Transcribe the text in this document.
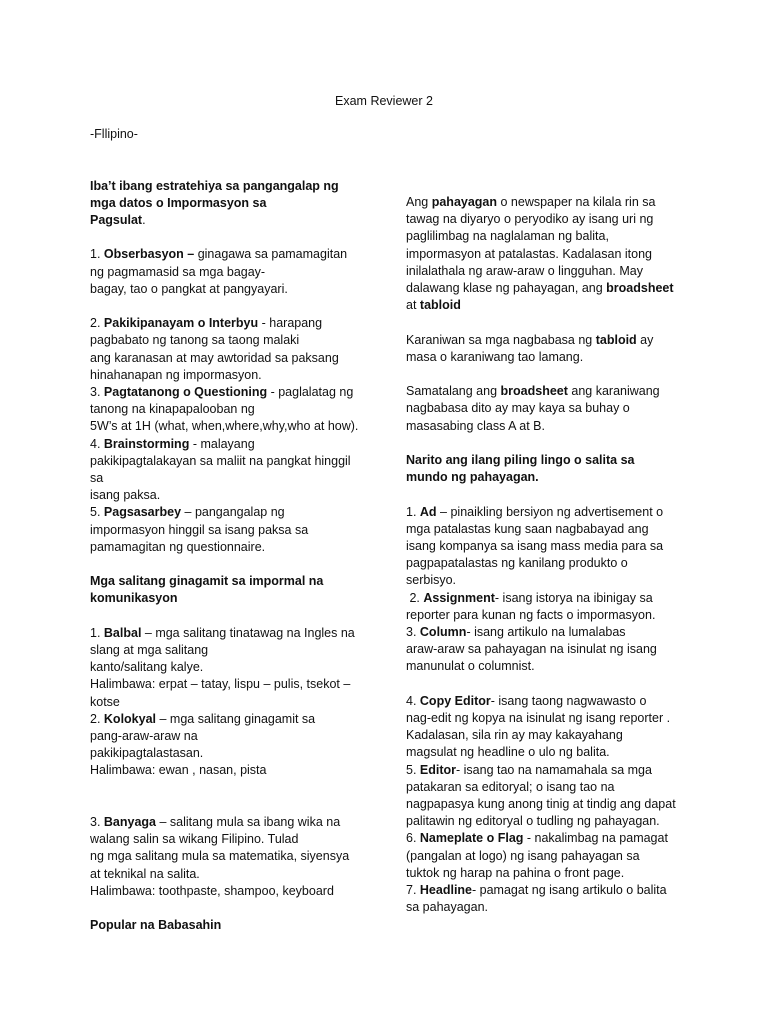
Exam Reviewer 2

-Fllipino-

Iba’t ibang estratehiya sa pangangalap ng

mga datos o Impormasyon sa

Pagsulat.

1. Obserbasyon – ginagawa sa pamamagitan

ng pagmamasid sa mga bagay-

bagay, tao o pangkat at pangyayari.

2. Pakikipanayam o Interbyu - harapang

pagbabato ng tanong sa taong malaki

ang karanasan at may awtoridad sa paksang

hinahanapan ng impormasyon.

3. Pagtatanong o Questioning - paglalatag ng

tanong na kinapapalooban ng

5W’s at 1H (what, when,where,why,who at how).

4. Brainstorming - malayang

pakikipagtalakayan sa maliit na pangkat hinggil

sa

isang paksa.

5. Pagsasarbey – pangangalap ng

impormasyon hinggil sa isang paksa sa

pamamagitan ng questionnaire.

Mga salitang ginagamit sa impormal na

komunikasyon

1. Balbal – mga salitang tinatawag na Ingles na

slang at mga salitang

kanto/salitang kalye.

Halimbawa: erpat – tatay, lispu – pulis, tsekot –

kotse

2. Kolokyal – mga salitang ginagamit sa

pang-araw-araw na

pakikipagtalastasan.

Halimbawa: ewan , nasan, pista

3. Banyaga – salitang mula sa ibang wika na

walang salin sa wikang Filipino. Tulad

ng mga salitang mula sa matematika, siyensya

at teknikal na salita.

Halimbawa: toothpaste, shampoo, keyboard

Popular na Babasahin

Ang pahayagan o newspaper na kilala rin sa

tawag na diyaryo o peryodiko ay isang uri ng

paglilimbag na naglalaman ng balita,

impormasyon at patalastas. Kadalasan itong

inilalathala ng araw-araw o lingguhan. May

dalawang klase ng pahayagan, ang broadsheet

at tabloid

Karaniwan sa mga nagbabasa ng tabloid ay

masa o karaniwang tao lamang.

Samatalang ang broadsheet ang karaniwang

nagbabasa dito ay may kaya sa buhay o

masasabing class A at B.

Narito ang ilang piling lingo o salita sa

mundo ng pahayagan.

1. Ad – pinaikling bersiyon ng advertisement o

mga patalastas kung saan nagbabayad ang

isang kompanya sa isang mass media para sa

pagpapatalastas ng kanilang produkto o

serbisyo.

2. Assignment- isang istorya na ibinigay sa

reporter para kunan ng facts o impormasyon.

3. Column- isang artikulo na lumalabas

araw-araw sa pahayagan na isinulat ng isang

manunulat o columnist.

4. Copy Editor- isang taong nagwawasto o

nag-edit ng kopya na isinulat ng isang reporter .

Kadalasan, sila rin ay may kakayahang

magsulat ng headline o ulo ng balita.

5. Editor- isang tao na namamahala sa mga

patakaran sa editoryal; o isang tao na

nagpapasya kung anong tinig at tindig ang dapat

palitawin ng editoryal o tudling ng pahayagan.

6. Nameplate o Flag - nakalimbag na pamagat

(pangalan at logo) ng isang pahayagan sa

tuktok ng harap na pahina o front page.

7. Headline- pamagat ng isang artikulo o balita

sa pahayagan.
